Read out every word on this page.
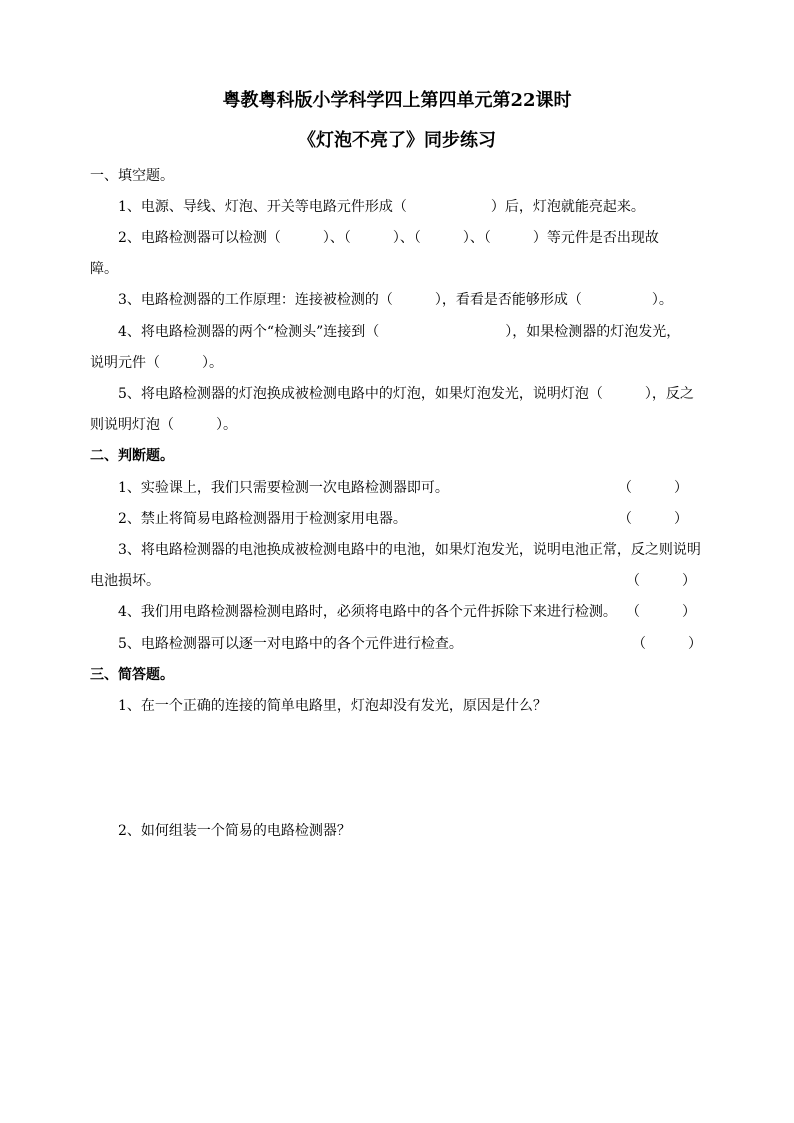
粤教粤科版小学科学四上第四单元第22课时
《灯泡不亮了》同步练习
一、填空题。
1、电源、导线、灯泡、开关等电路元件形成（　　　　　　）后，灯泡就能亮起来。
2、电路检测器可以检测（　　　）、（　　　）、（　　　）、（　　　）等元件是否出现故
障。
3、电路检测器的工作原理：连接被检测的（　　　），看看是否能够形成（　　　　　）。
4、将电路检测器的两个“检测头”连接到（　　　　　　　　　），如果检测器的灯泡发光，
说明元件（　　　）。
5、将电路检测器的灯泡换成被检测电路中的灯泡，如果灯泡发光，说明灯泡（　　　），反之
则说明灯泡（　　　）。
二、判断题。
1、实验课上，我们只需要检测一次电路检测器即可。	（　　　）
2、禁止将简易电路检测器用于检测家用电器。	（　　　）
3、将电路检测器的电池换成被检测电路中的电池，如果灯泡发光，说明电池正常，反之则说明
电池损坏。	（　　　）
4、我们用电路检测器检测电路时，必须将电路中的各个元件拆除下来进行检测。 （　　　）
5、电路检测器可以逐一对电路中的各个元件进行检查。	（　　　）
三、简答题。
1、在一个正确的连接的简单电路里，灯泡却没有发光，原因是什么？
2、如何组装一个简易的电路检测器？
